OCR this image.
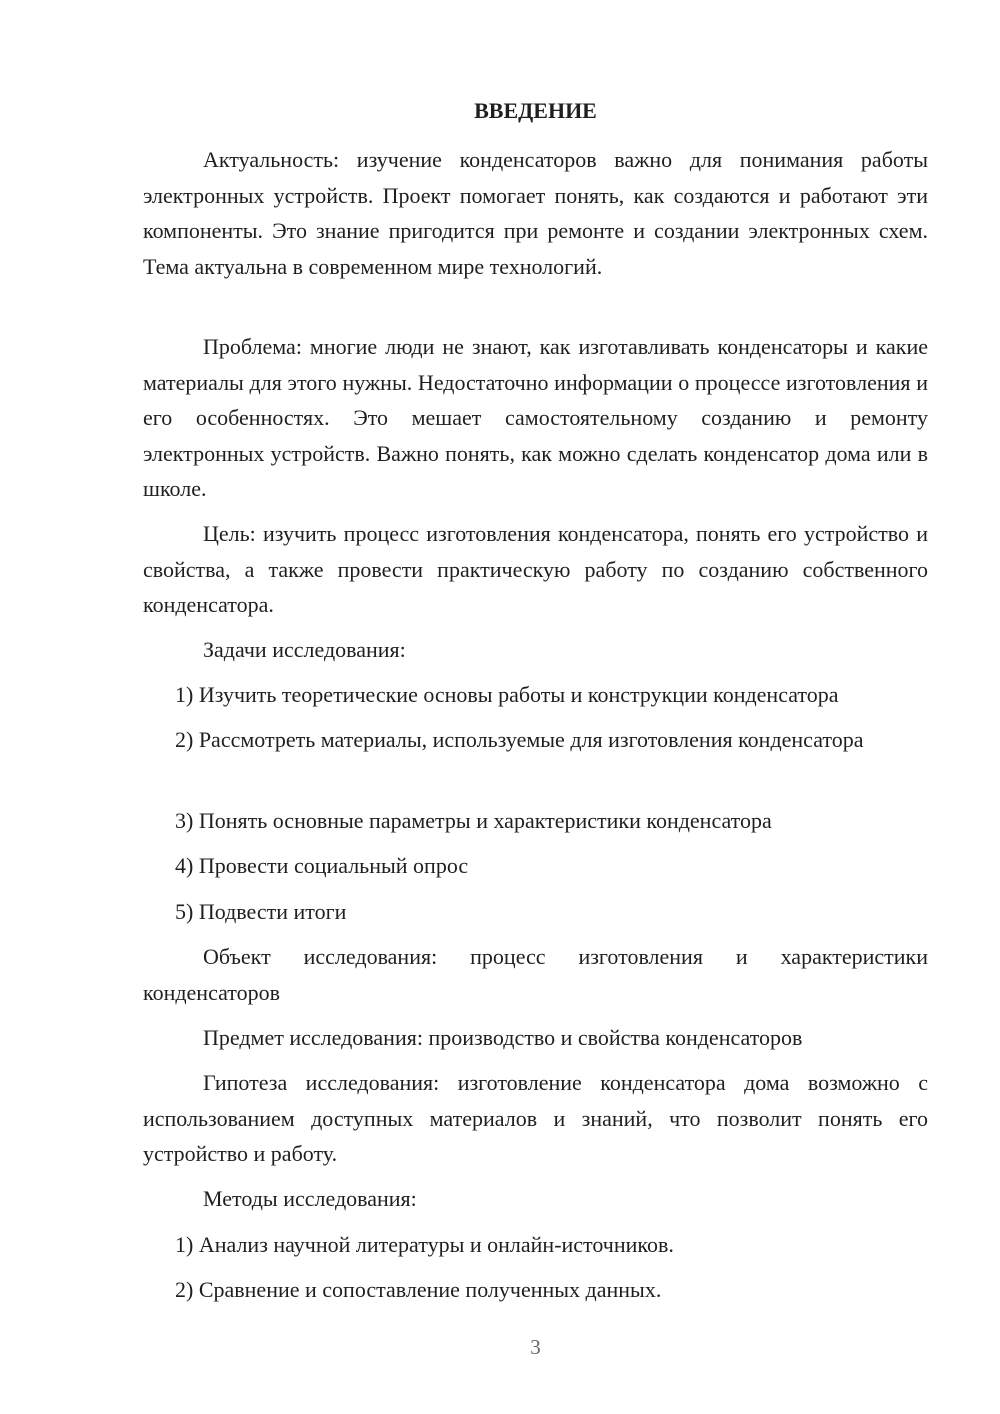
ВВЕДЕНИЕ

Актуальность: изучение конденсаторов важно для понимания работы электронных устройств. Проект помогает понять, как создаются и работают эти компоненты. Это знание пригодится при ремонте и создании электронных схем. Тема актуальна в современном мире технологий.

Проблема: многие люди не знают, как изготавливать конденсаторы и какие материалы для этого нужны. Недостаточно информации о процессе изготовления и его особенностях. Это мешает самостоятельному созданию и ремонту электронных устройств. Важно понять, как можно сделать конденсатор дома или в школе.

Цель: изучить процесс изготовления конденсатора, понять его устройство и свойства, а также провести практическую работу по созданию собственного конденсатора.

Задачи исследования:

1) Изучить теоретические основы работы и конструкции конденсатора

2) Рассмотреть материалы, используемые для изготовления конденсатора

3) Понять основные параметры и характеристики конденсатора

4) Провести социальный опрос

5) Подвести итоги

Объект исследования: процесс изготовления и характеристики конденсаторов

Предмет исследования: производство и свойства конденсаторов

Гипотеза исследования: изготовление конденсатора дома возможно с использованием доступных материалов и знаний, что позволит понять его устройство и работу.

Методы исследования:

1) Анализ научной литературы и онлайн-источников.

2) Сравнение и сопоставление полученных данных.

3
